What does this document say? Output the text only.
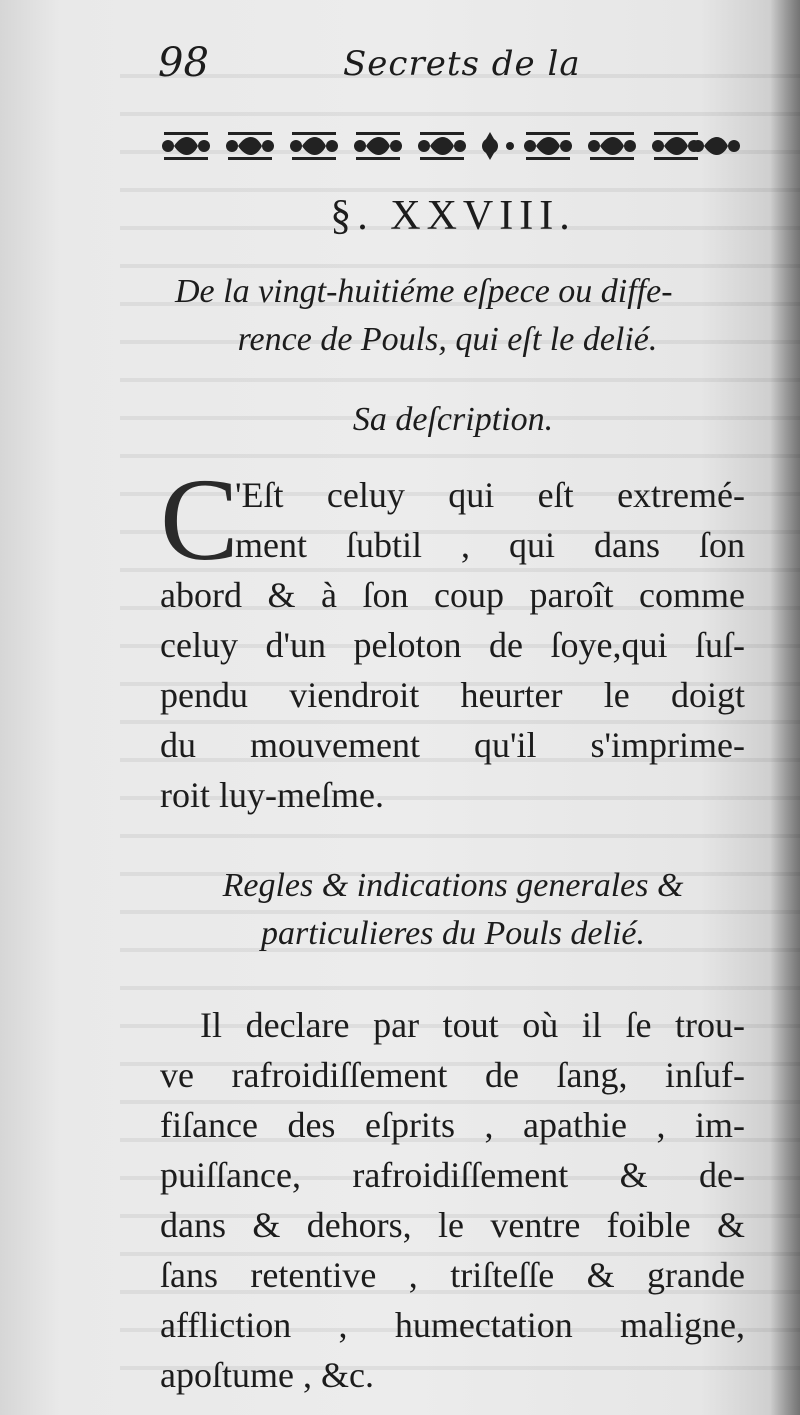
98	Secrets de la
§. XXVIII.
De la vingt-huitiéme eſpece ou diffe-
rence de Pouls, qui eſt le delié.
Sa deſcription.
C
'Eſt celuy qui eſt extremé-
ment ſubtil , qui dans ſon
abord & à ſon coup paroît comme
celuy d'un peloton de ſoye,qui ſuſ-
pendu viendroit heurter le doigt
du mouvement qu'il s'imprime-
roit luy-meſme.
Regles & indications generales &
particulieres du Pouls delié.
Il declare par tout où il ſe trou-
ve rafroidiſſement de ſang, inſuf-
fiſance des eſprits , apathie , im-
puiſſance, rafroidiſſement & de-
dans & dehors, le ventre foible &
ſans retentive , triſteſſe & grande
affliction , humectation maligne,
apoſtume , &c.
